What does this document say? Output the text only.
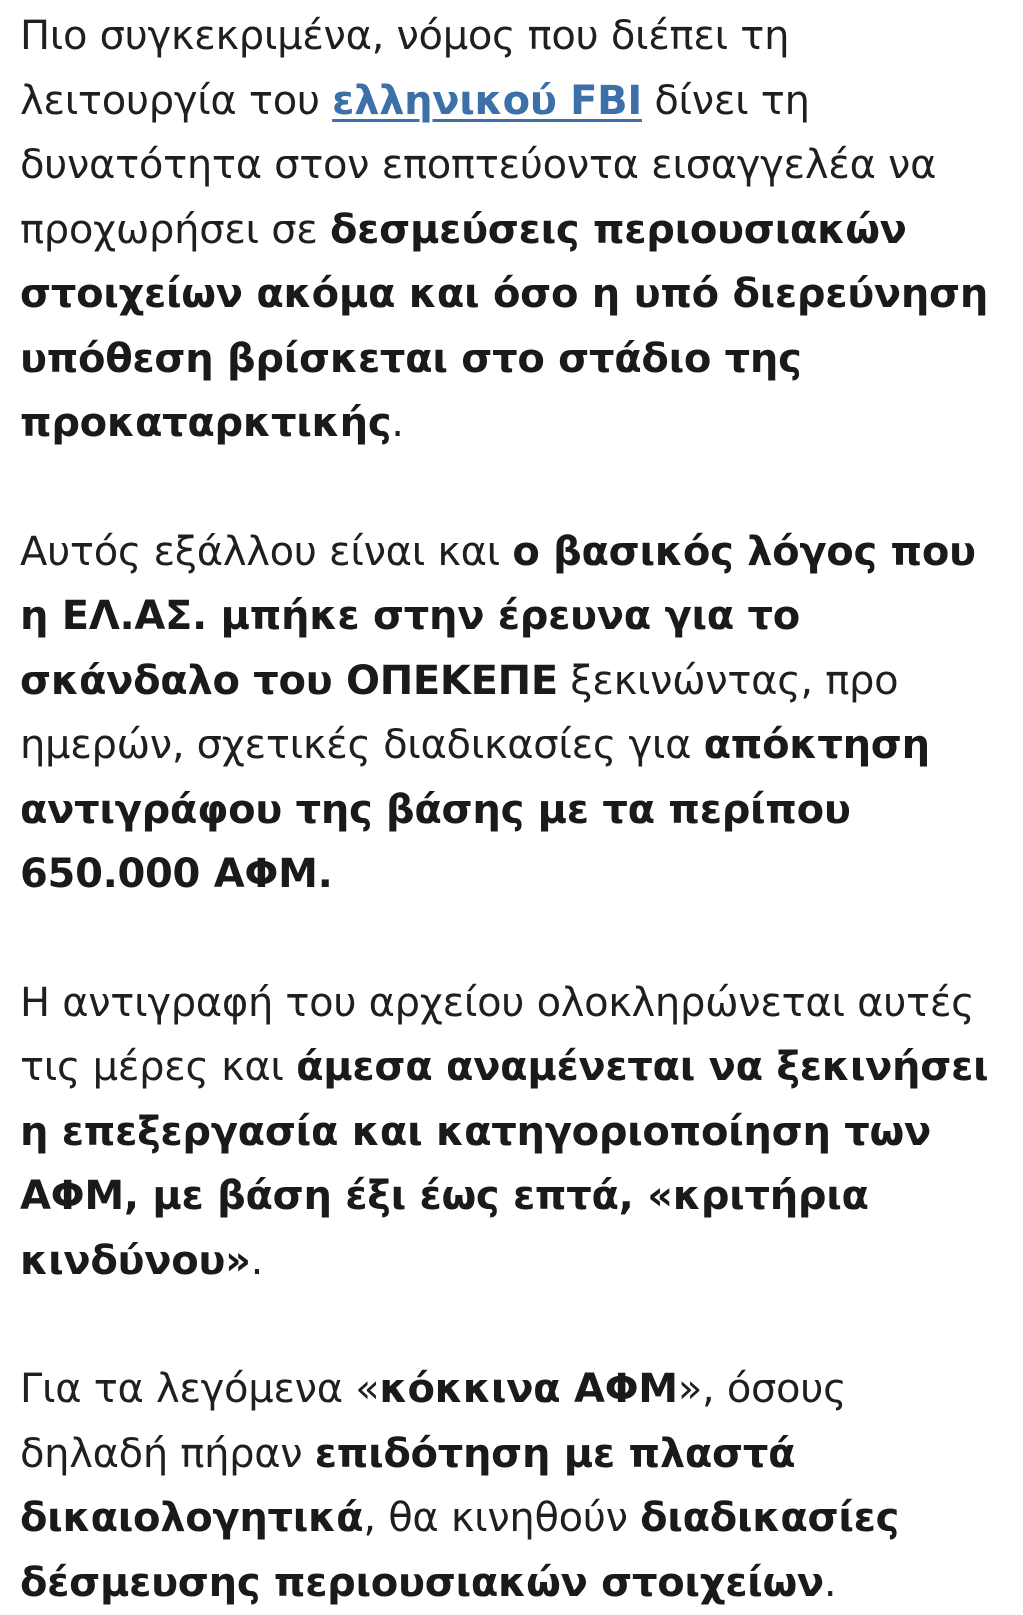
Πιο συγκεκριμένα, νόμος που διέπει τη λειτουργία του ελληνικού FBI δίνει τη δυνατότητα στον εποπτεύοντα εισαγγελέα να προχωρήσει σε δεσμεύσεις περιουσιακών στοιχείων ακόμα και όσο η υπό διερεύνηση υπόθεση βρίσκεται στο στάδιο της προκαταρκτικής.

Αυτός εξάλλου είναι και ο βασικός λόγος που η ΕΛ.ΑΣ. μπήκε στην έρευνα για το σκάνδαλο του ΟΠΕΚΕΠΕ ξεκινώντας, προ ημερών, σχετικές διαδικασίες για απόκτηση αντιγράφου της βάσης με τα περίπου 650.000 ΑΦΜ.

Η αντιγραφή του αρχείου ολοκληρώνεται αυτές τις μέρες και άμεσα αναμένεται να ξεκινήσει η επεξεργασία και κατηγοριοποίηση των ΑΦΜ, με βάση έξι έως επτά, «κριτήρια κινδύνου».

Για τα λεγόμενα «κόκκινα ΑΦΜ», όσους δηλαδή πήραν επιδότηση με πλαστά δικαιολογητικά, θα κινηθούν διαδικασίες δέσμευσης περιουσιακών στοιχείων.
